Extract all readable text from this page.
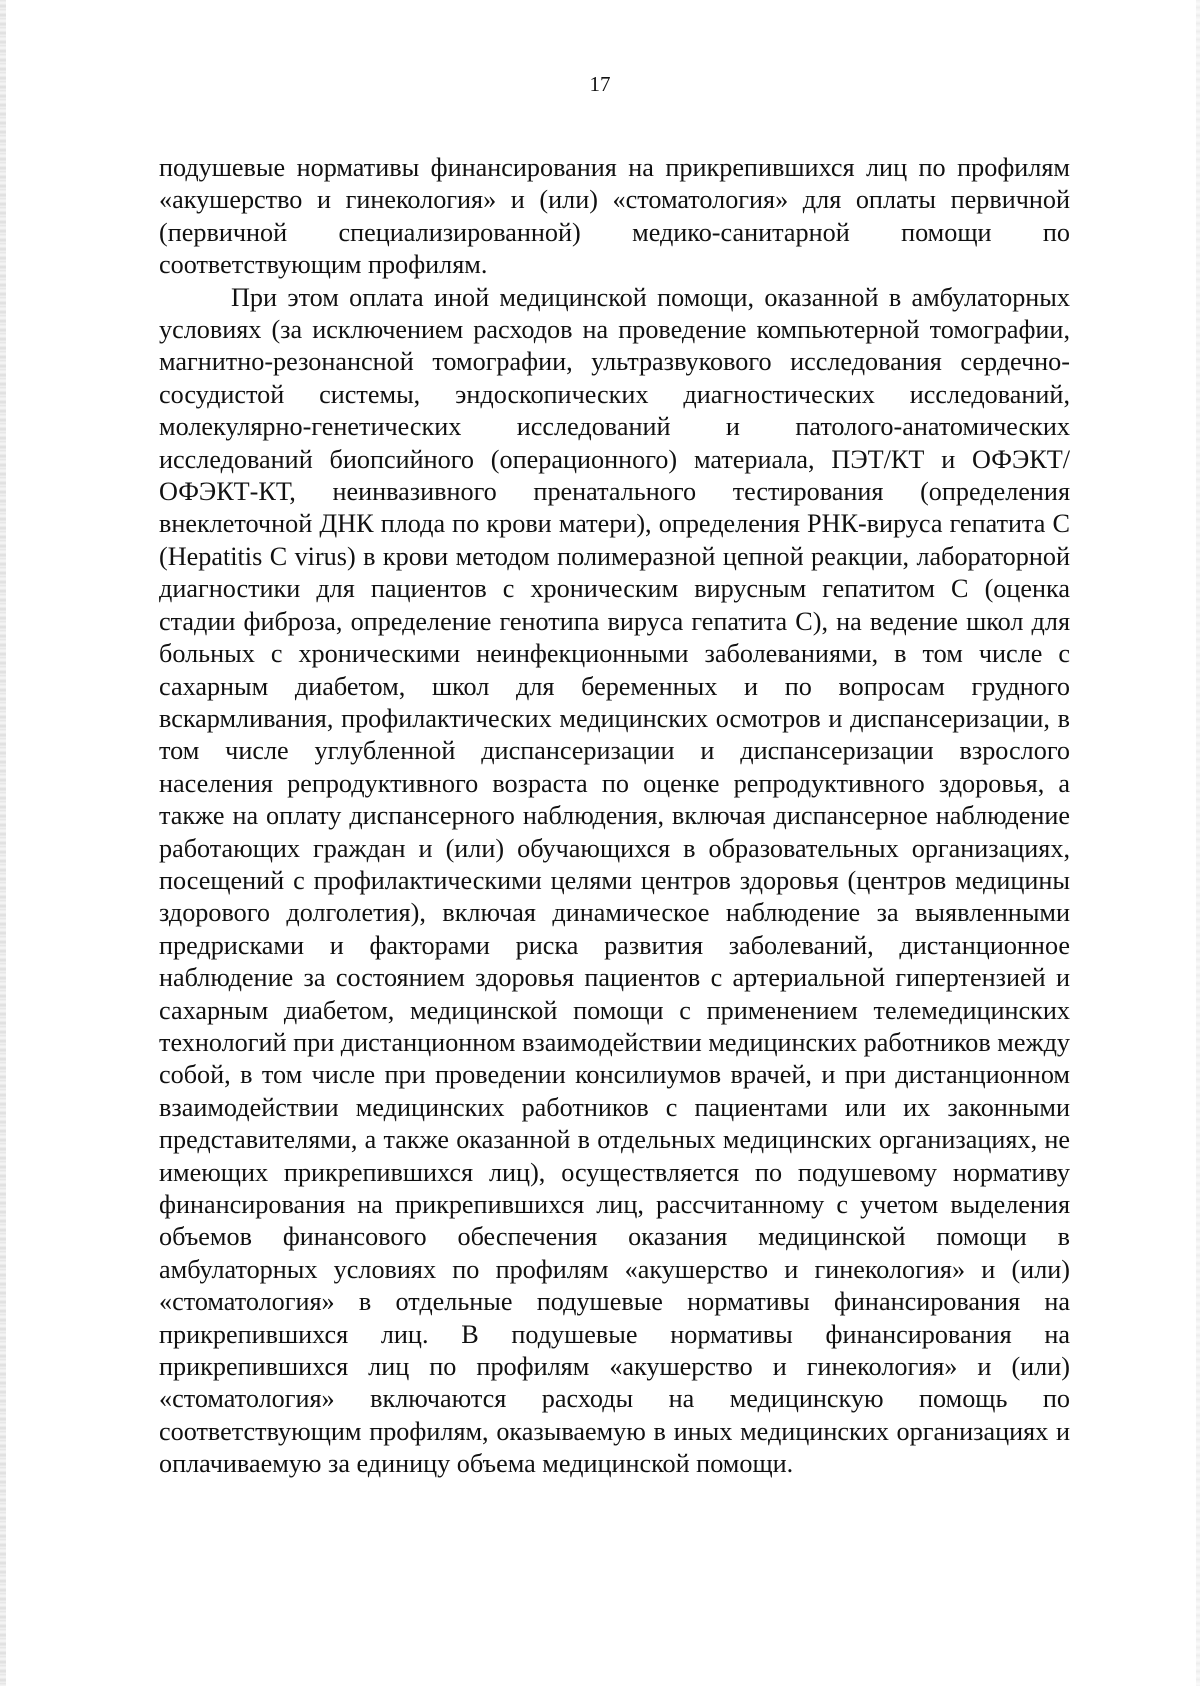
17

подушевые нормативы финансирования на прикрепившихся лиц по профилям «акушерство и гинекология» и (или) «стоматология» для оплаты первичной (первичной специализированной) медико-санитарной помощи по соответствующим профилям.

При этом оплата иной медицинской помощи, оказанной в амбулаторных условиях (за исключением расходов на проведение компьютерной томографии, магнитно-резонансной томографии, ультразвукового исследования сердечно-сосудистой системы, эндоскопических диагностических исследований, молекулярно-генетических исследований и патолого-анатомических исследований биопсийного (операционного) материала, ПЭТ/КТ и ОФЭКТ/ОФЭКТ-КТ, неинвазивного пренатального тестирования (определения внеклеточной ДНК плода по крови матери), определения РНК-вируса гепатита С (Hepatitis C virus) в крови методом полимеразной цепной реакции, лабораторной диагностики для пациентов с хроническим вирусным гепатитом С (оценка стадии фиброза, определение генотипа вируса гепатита С), на ведение школ для больных с хроническими неинфекционными заболеваниями, в том числе с сахарным диабетом, школ для беременных и по вопросам грудного вскармливания, профилактических медицинских осмотров и диспансеризации, в том числе углубленной диспансеризации и диспансеризации взрослого населения репродуктивного возраста по оценке репродуктивного здоровья, а также на оплату диспансерного наблюдения, включая диспансерное наблюдение работающих граждан и (или) обучающихся в образовательных организациях, посещений с профилактическими целями центров здоровья (центров медицины здорового долголетия), включая динамическое наблюдение за выявленными предрисками и факторами риска развития заболеваний, дистанционное наблюдение за состоянием здоровья пациентов с артериальной гипертензией и сахарным диабетом, медицинской помощи с применением телемедицинских технологий при дистанционном взаимодействии медицинских работников между собой, в том числе при проведении консилиумов врачей, и при дистанционном взаимодействии медицинских работников с пациентами или их законными представителями, а также оказанной в отдельных медицинских организациях, не имеющих прикрепившихся лиц), осуществляется по подушевому нормативу финансирования на прикрепившихся лиц, рассчитанному с учетом выделения объемов финансового обеспечения оказания медицинской помощи в амбулаторных условиях по профилям «акушерство и гинекология» и (или) «стоматология» в отдельные подушевые нормативы финансирования на прикрепившихся лиц. В подушевые нормативы финансирования на прикрепившихся лиц по профилям «акушерство и гинекология» и (или) «стоматология» включаются расходы на медицинскую помощь по соответствующим профилям, оказываемую в иных медицинских организациях и оплачиваемую за единицу объема медицинской помощи.
